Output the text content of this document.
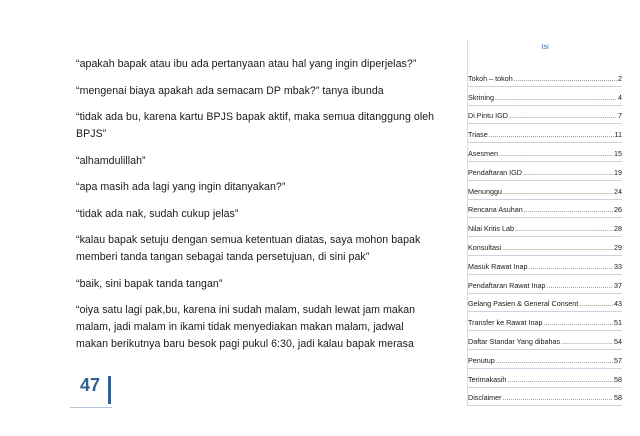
“apakah bapak atau ibu ada pertanyaan atau hal yang ingin diperjelas?”

“mengenai biaya apakah ada semacam DP mbak?” tanya ibunda

“tidak ada bu, karena kartu BPJS bapak aktif, maka semua ditanggung oleh BPJS”

“alhamdulillah”

“apa masih ada lagi yang ingin ditanyakan?”

“tidak ada nak, sudah cukup jelas”

“kalau bapak setuju dengan semua ketentuan diatas, saya mohon bapak memberi tanda tangan sebagai tanda persetujuan, di sini pak”

“baik, sini bapak tanda tangan”

“oiya satu lagi pak,bu, karena ini sudah malam, sudah lewat jam makan malam, jadi malam in ikami tidak menyediakan makan malam, jadwal makan berikutnya baru besok pagi pukul 6:30, jadi kalau bapak merasa

Isi
Tokoh – tokoh .....	2
Skrining .....	4
Di Pintu IGD .....	7
Triase .....	11
Asesmen .....	15
Pendaftaran IGD .....	19
Menunggu .....	24
Rencana Asuhan .....	26
Nilai Kritis Lab .....	28
Konsultasi .....	29
Masuk Rawat Inap .....	33
Pendaftaran Rawat Inap .....	37
Gelang Pasien & General Consent .....	43
Transfer ke Rawat Inap .....	51
Daftar Standar Yang dibahas .....	54
Penutup .....	57
Terimakasih .....	58
Disclaimer .....	58
47
